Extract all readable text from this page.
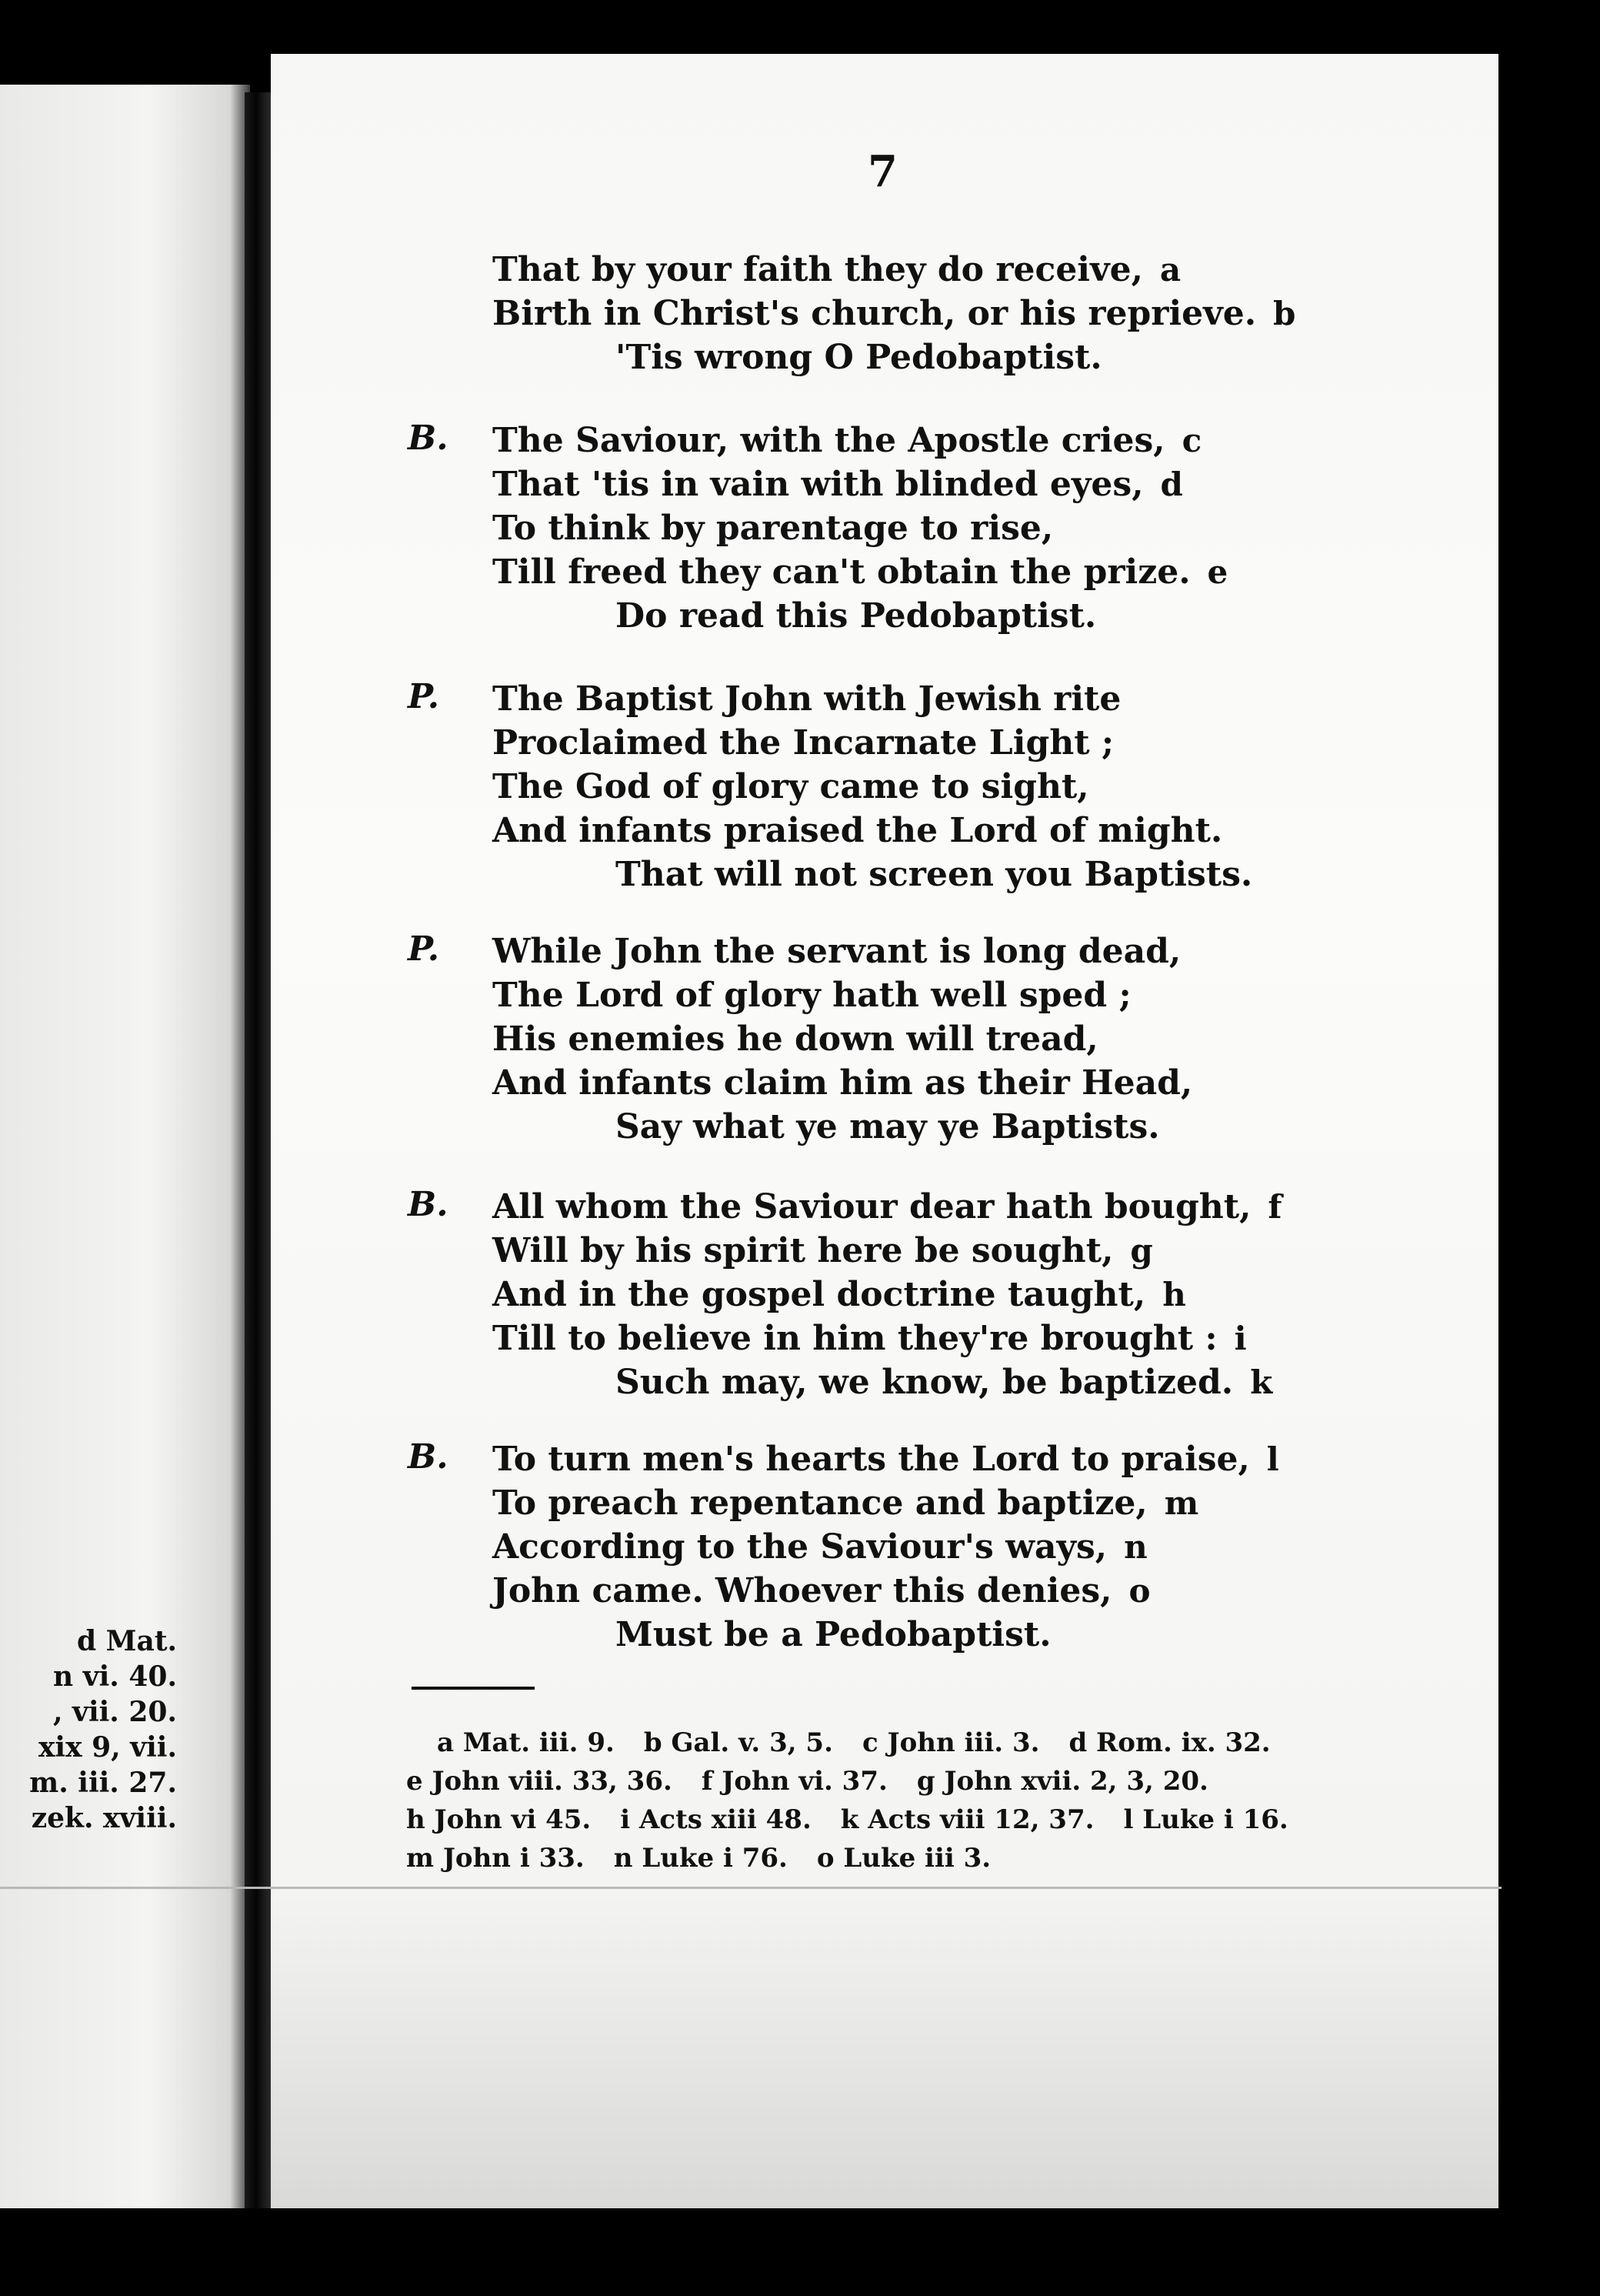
7
That by your faith they do receive, a
Birth in Christ's church, or his reprieve. b
'Tis wrong O Pedobaptist.
B. The Saviour, with the Apostle cries, c
That 'tis in vain with blinded eyes, d
To think by parentage to rise,
Till freed they can't obtain the prize. e
Do read this Pedobaptist.
P. The Baptist John with Jewish rite
Proclaimed the Incarnate Light ;
The God of glory came to sight,
And infants praised the Lord of might.
That will not screen you Baptists.
P. While John the servant is long dead,
The Lord of glory hath well sped ;
His enemies he down will tread,
And infants claim him as their Head,
Say what ye may ye Baptists.
B. All whom the Saviour dear hath bought, f
Will by his spirit here be sought, g
And in the gospel doctrine taught, h
Till to believe in him they're brought : i
Such may, we know, be baptized. k
B. To turn men's hearts the Lord to praise, l
To preach repentance and baptize, m
According to the Saviour's ways, n
John came. Whoever this denies, o
Must be a Pedobaptist.
a Mat. iii. 9. b Gal. v. 3, 5. c John iii. 3. d Rom. ix. 32.
e John viii. 33, 36. f John vi. 37. g John xvii. 2, 3, 20.
h John vi 45. i Acts xiii 48. k Acts viii 12, 37. l Luke i 16.
m John i 33. n Luke i 76. o Luke iii 3.
d Mat.
n vi. 40.
, vii. 20.
xix 9, vii.
m. iii. 27.
zek. xviii.
